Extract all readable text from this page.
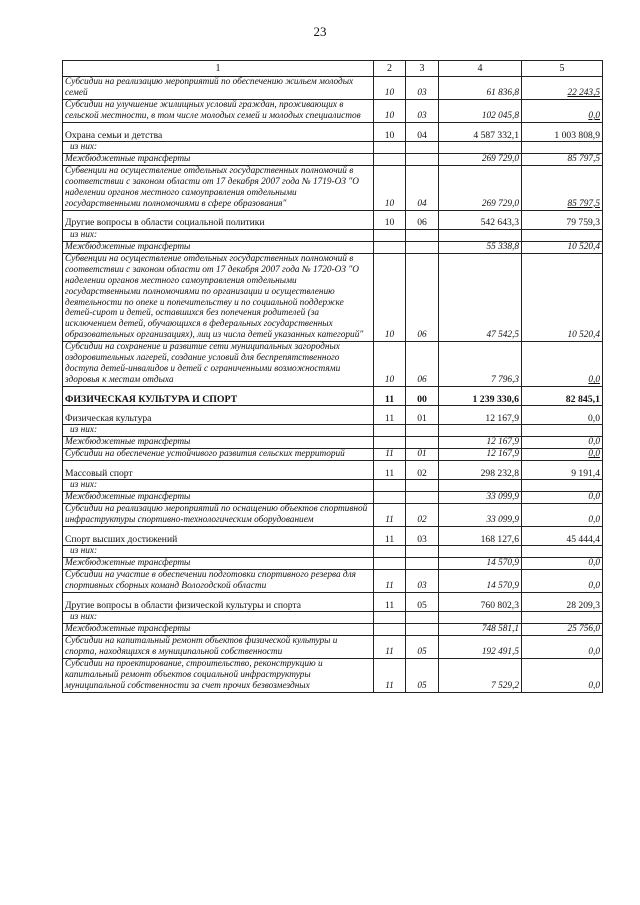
23
1	2	3	4	5
Субсидии на реализацию мероприятий по обеспечению жильем молодых семей	10	03	61 836,8	22 243,5
Субсидии на улучшение жилищных условий граждан, проживающих в сельской местности, в том числе молодых семей и молодых специалистов	10	03	102 045,8	0,0
Охрана семьи и детства	10	04	4 587 332,1	1 003 808,9
из них:				
Межбюджетные трансферты			269 729,0	85 797,5
Субвенции на осуществление отдельных государственных полномочий в соответствии с законом области от 17 декабря 2007 года № 1719-ОЗ "О наделении органов местного самоуправления отдельными государственными полномочиями в сфере образования"	10	04	269 729,0	85 797,5
Другие вопросы в области социальной политики	10	06	542 643,3	79 759,3
из них:				
Межбюджетные трансферты			55 338,8	10 520,4
Субвенции на осуществление отдельных государственных полномочий в соответствии с законом области от 17 декабря 2007 года № 1720-ОЗ "О наделении органов местного самоуправления отдельными государственными полномочиями по организации и осуществлению деятельности по опеке и попечительству и по социальной поддержке детей-сирот и детей, оставшихся без попечения родителей (за исключением детей, обучающихся в федеральных государственных образовательных организациях), лиц из числа детей указанных категорий"	10	06	47 542,5	10 520,4
Субсидии на сохранение и развитие сети муниципальных загородных оздоровительных лагерей, создание условий для беспрепятственного доступа детей-инвалидов и детей с ограниченными возможностями здоровья к местам отдыха	10	06	7 796,3	0,0
ФИЗИЧЕСКАЯ КУЛЬТУРА И СПОРТ	11	00	1 239 330,6	82 845,1
Физическая культура	11	01	12 167,9	0,0
из них:				
Межбюджетные трансферты			12 167,9	0,0
Субсидии на обеспечение устойчивого развития сельских территорий	11	01	12 167,9	0,0
Массовый спорт	11	02	298 232,8	9 191,4
из них:				
Межбюджетные трансферты			33 099,9	0,0
Субсидии на реализацию мероприятий по оснащению объектов спортивной инфраструктуры спортивно-технологическим оборудованием	11	02	33 099,9	0,0
Спорт высших достижений	11	03	168 127,6	45 444,4
из них:				
Межбюджетные трансферты			14 570,9	0,0
Субсидии на участие в обеспечении подготовки спортивного резерва для спортивных сборных команд Вологодской области	11	03	14 570,9	0,0
Другие вопросы в области физической культуры и спорта	11	05	760 802,3	28 209,3
из них:				
Межбюджетные трансферты			748 581,1	25 756,0
Субсидии на капитальный ремонт объектов физической культуры и спорта, находящихся в муниципальной собственности	11	05	192 491,5	0,0
Субсидии на проектирование, строительство, реконструкцию и капитальный ремонт объектов социальной инфраструктуры муниципальной собственности за счет прочих безвозмездных	11	05	7 529,2	0,0
